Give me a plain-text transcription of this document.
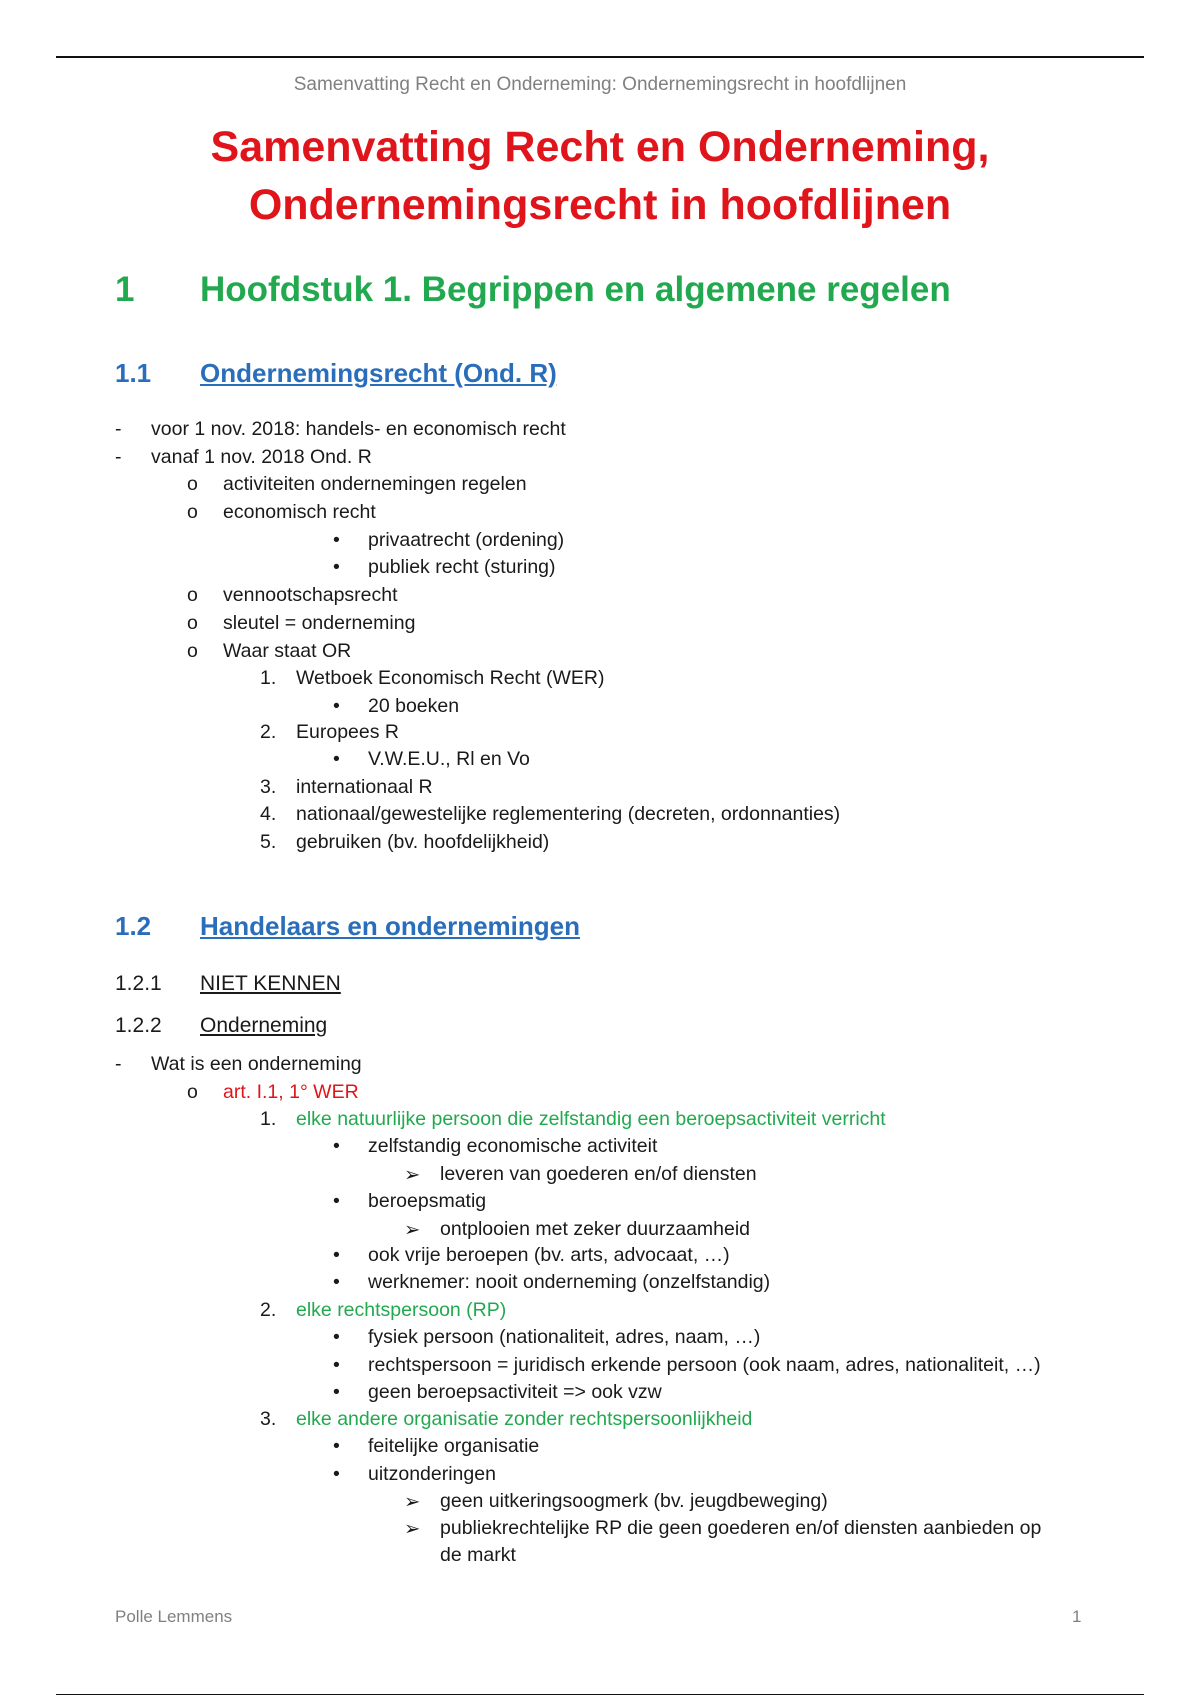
Samenvatting Recht en Onderneming: Ondernemingsrecht in hoofdlijnen
Samenvatting Recht en Onderneming,
Ondernemingsrecht in hoofdlijnen
1 Hoofdstuk 1. Begrippen en algemene regelen
1.1 Ondernemingsrecht (Ond. R)
- voor 1 nov. 2018: handels- en economisch recht
- vanaf 1 nov. 2018 Ond. R
o activiteiten ondernemingen regelen
o economisch recht
• privaatrecht (ordening)
• publiek recht (sturing)
o vennootschapsrecht
o sleutel = onderneming
o Waar staat OR
1. Wetboek Economisch Recht (WER)
• 20 boeken
2. Europees R
• V.W.E.U., Rl en Vo
3. internationaal R
4. nationaal/gewestelijke reglementering (decreten, ordonnanties)
5. gebruiken (bv. hoofdelijkheid)
1.2 Handelaars en ondernemingen
1.2.1 NIET KENNEN
1.2.2 Onderneming
- Wat is een onderneming
o art. I.1, 1° WER
1. elke natuurlijke persoon die zelfstandig een beroepsactiviteit verricht
• zelfstandig economische activiteit
➢ leveren van goederen en/of diensten
• beroepsmatig
➢ ontplooien met zeker duurzaamheid
• ook vrije beroepen (bv. arts, advocaat, …)
• werknemer: nooit onderneming (onzelfstandig)
2. elke rechtspersoon (RP)
• fysiek persoon (nationaliteit, adres, naam, …)
• rechtspersoon = juridisch erkende persoon (ook naam, adres, nationaliteit, …)
• geen beroepsactiviteit => ook vzw
3. elke andere organisatie zonder rechtspersoonlijkheid
• feitelijke organisatie
• uitzonderingen
➢ geen uitkeringsoogmerk (bv. jeugdbeweging)
➢ publiekrechtelijke RP die geen goederen en/of diensten aanbieden op
de markt
Polle Lemmens	1
